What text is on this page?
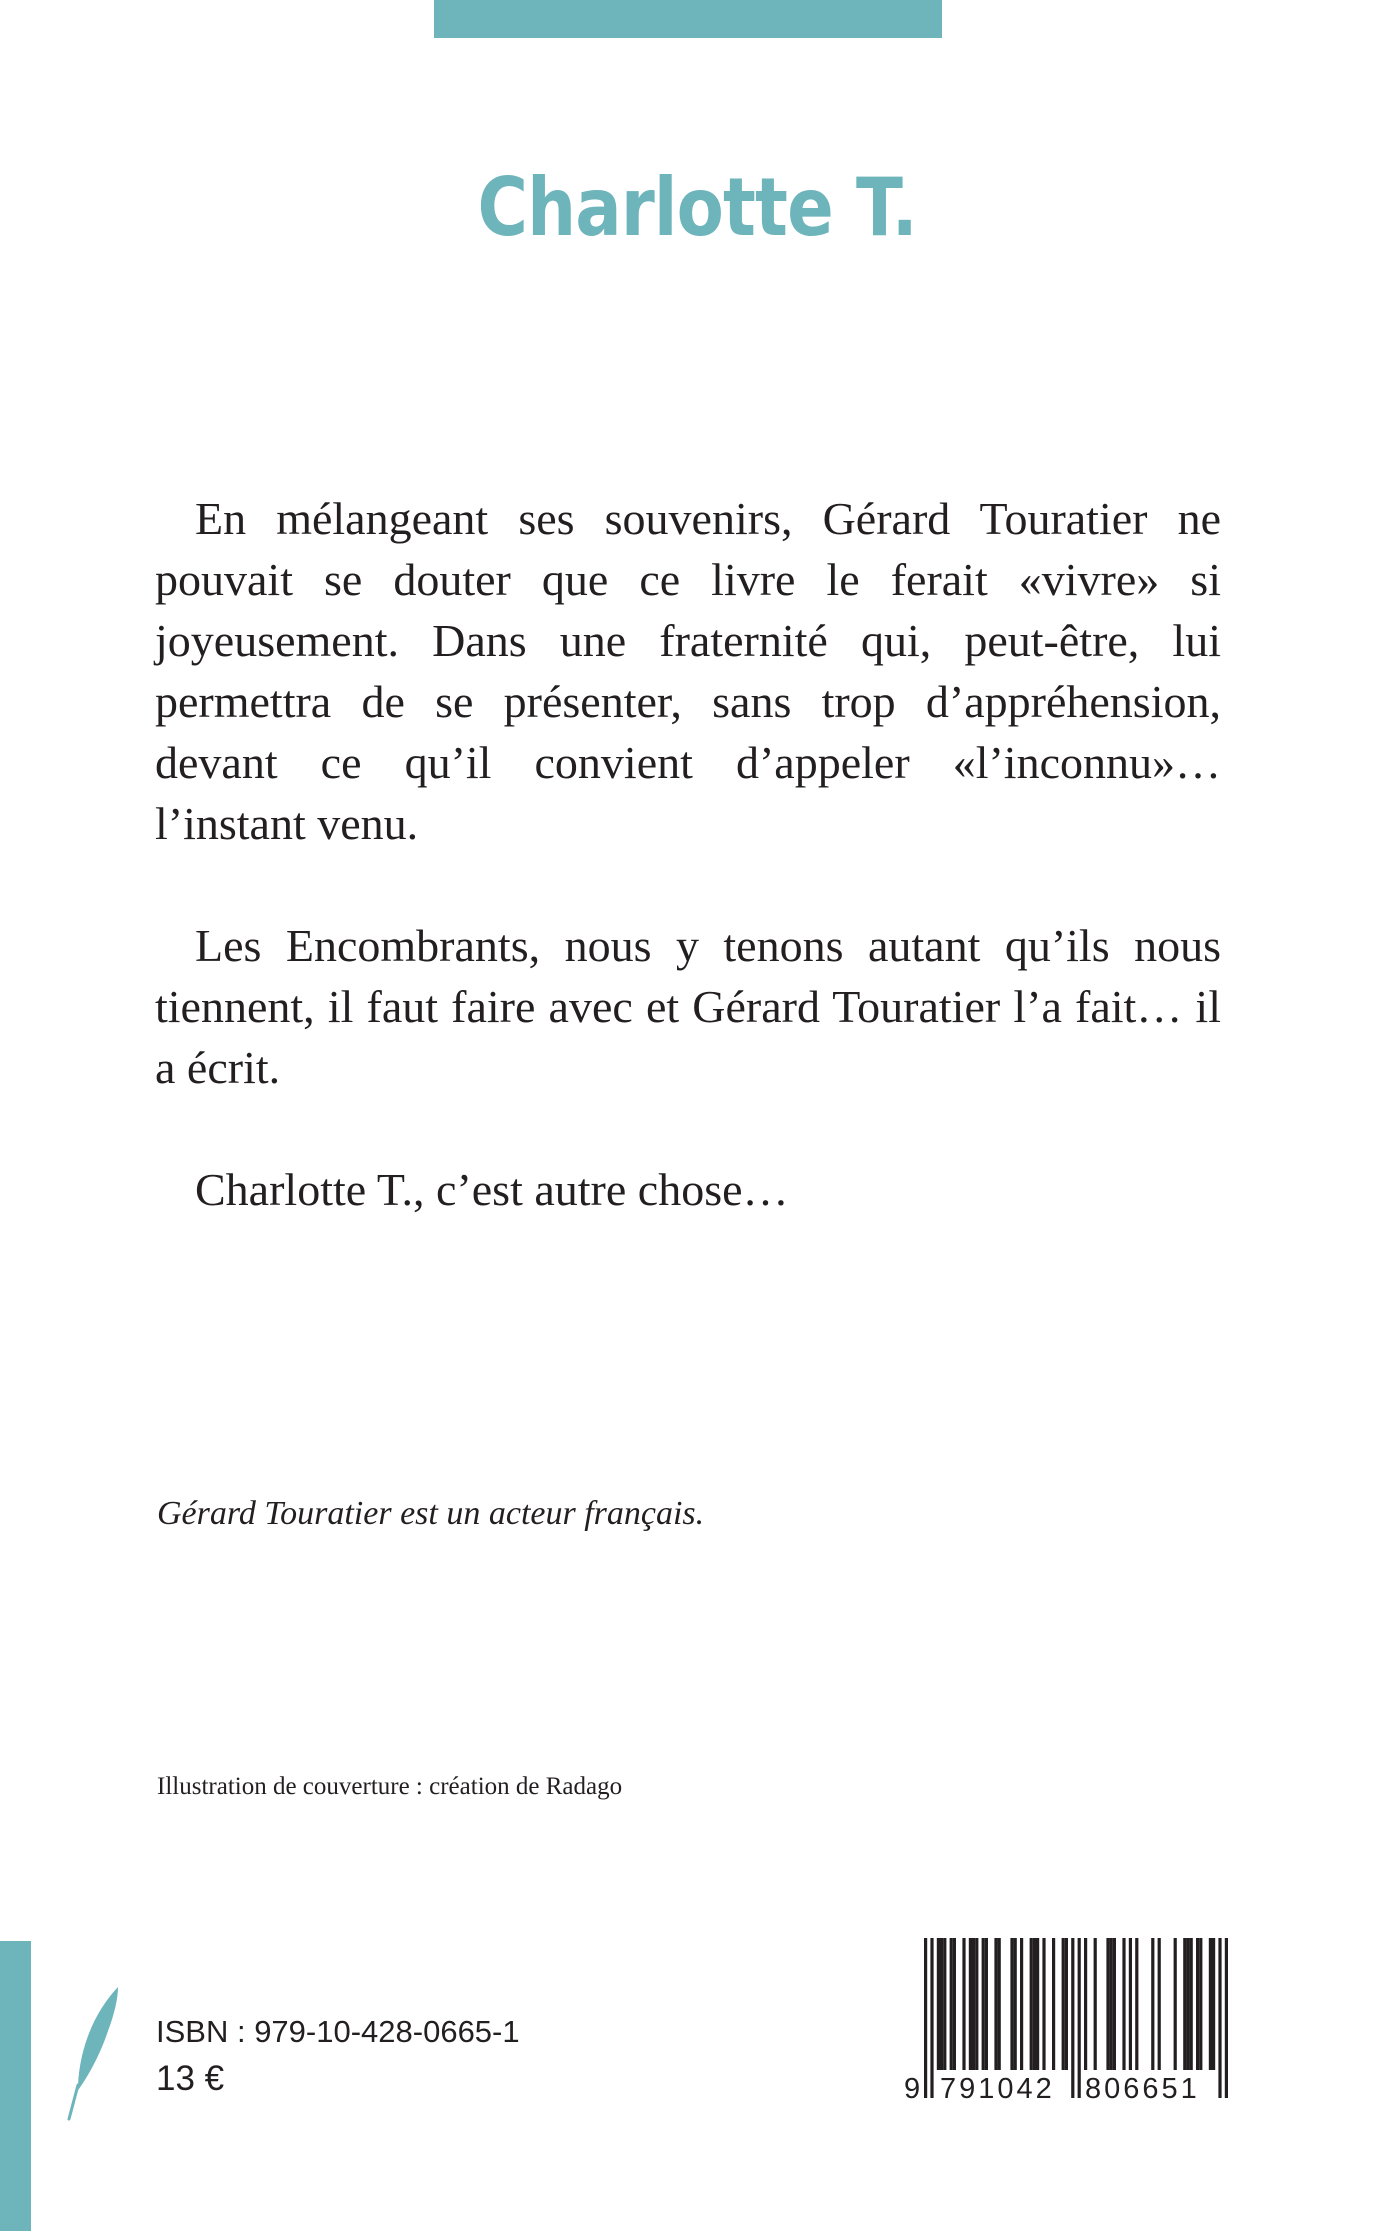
Charlotte T.

En mélangeant ses souvenirs, Gérard Touratier ne pouvait se douter que ce livre le ferait «vivre» si joyeusement. Dans une fraternité qui, peut-être, lui permettra de se présenter, sans trop d’appréhension, devant ce qu’il convient d’appeler «l’inconnu»… l’instant venu.

Les Encombrants, nous y tenons autant qu’ils nous tiennent, il faut faire avec et Gérard Touratier l’a fait… il a écrit.

Charlotte T., c’est autre chose…

Gérard Touratier est un acteur français.

Illustration de couverture : création de Radago

ISBN : 979-10-428-0665-1

13 €	9 791042 806651
